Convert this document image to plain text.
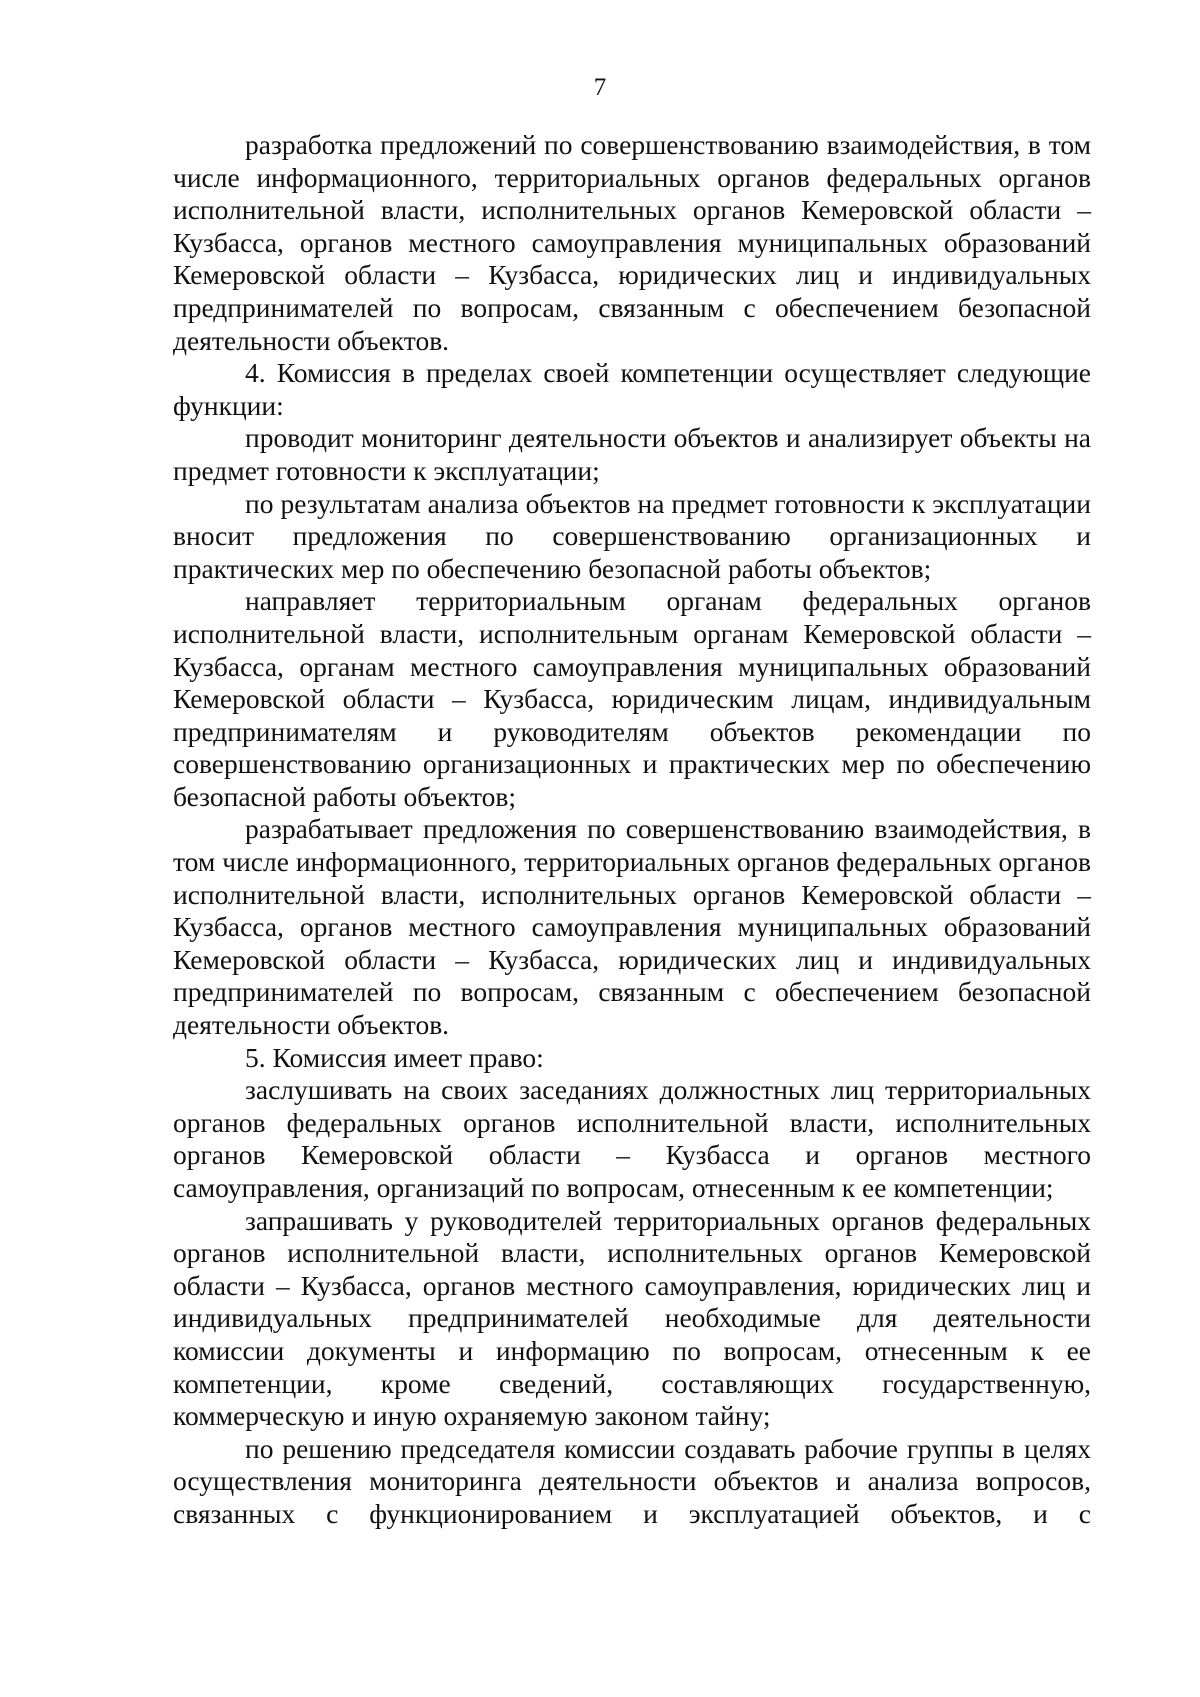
7

разработка предложений по совершенствованию взаимодействия, в том числе информационного, территориальных органов федеральных органов исполнительной власти, исполнительных органов Кемеровской области – Кузбасса, органов местного самоуправления муниципальных образований Кемеровской области – Кузбасса, юридических лиц и индивидуальных предпринимателей по вопросам, связанным с обеспечением безопасной деятельности объектов.

4. Комиссия в пределах своей компетенции осуществляет следующие функции:

проводит мониторинг деятельности объектов и анализирует объекты на предмет готовности к эксплуатации;

по результатам анализа объектов на предмет готовности к эксплуатации вносит предложения по совершенствованию организационных и практических мер по обеспечению безопасной работы объектов;

направляет территориальным органам федеральных органов исполнительной власти, исполнительным органам Кемеровской области – Кузбасса, органам местного самоуправления муниципальных образований Кемеровской области – Кузбасса, юридическим лицам, индивидуальным предпринимателям и руководителям объектов рекомендации по совершенствованию организационных и практических мер по обеспечению безопасной работы объектов;

разрабатывает предложения по совершенствованию взаимодействия, в том числе информационного, территориальных органов федеральных органов исполнительной власти, исполнительных органов Кемеровской области – Кузбасса, органов местного самоуправления муниципальных образований Кемеровской области – Кузбасса, юридических лиц и индивидуальных предпринимателей по вопросам, связанным с обеспечением безопасной деятельности объектов.

5. Комиссия имеет право:

заслушивать на своих заседаниях должностных лиц территориальных органов федеральных органов исполнительной власти, исполнительных органов Кемеровской области – Кузбасса и органов местного самоуправления, организаций по вопросам, отнесенным к ее компетенции;

запрашивать у руководителей территориальных органов федеральных органов исполнительной власти, исполнительных органов Кемеровской области – Кузбасса, органов местного самоуправления, юридических лиц и индивидуальных предпринимателей необходимые для деятельности комиссии документы и информацию по вопросам, отнесенным к ее компетенции, кроме сведений, составляющих государственную, коммерческую и иную охраняемую законом тайну;

по решению председателя комиссии создавать рабочие группы в целях осуществления мониторинга деятельности объектов и анализа вопросов, связанных с функционированием и эксплуатацией объектов, и с
